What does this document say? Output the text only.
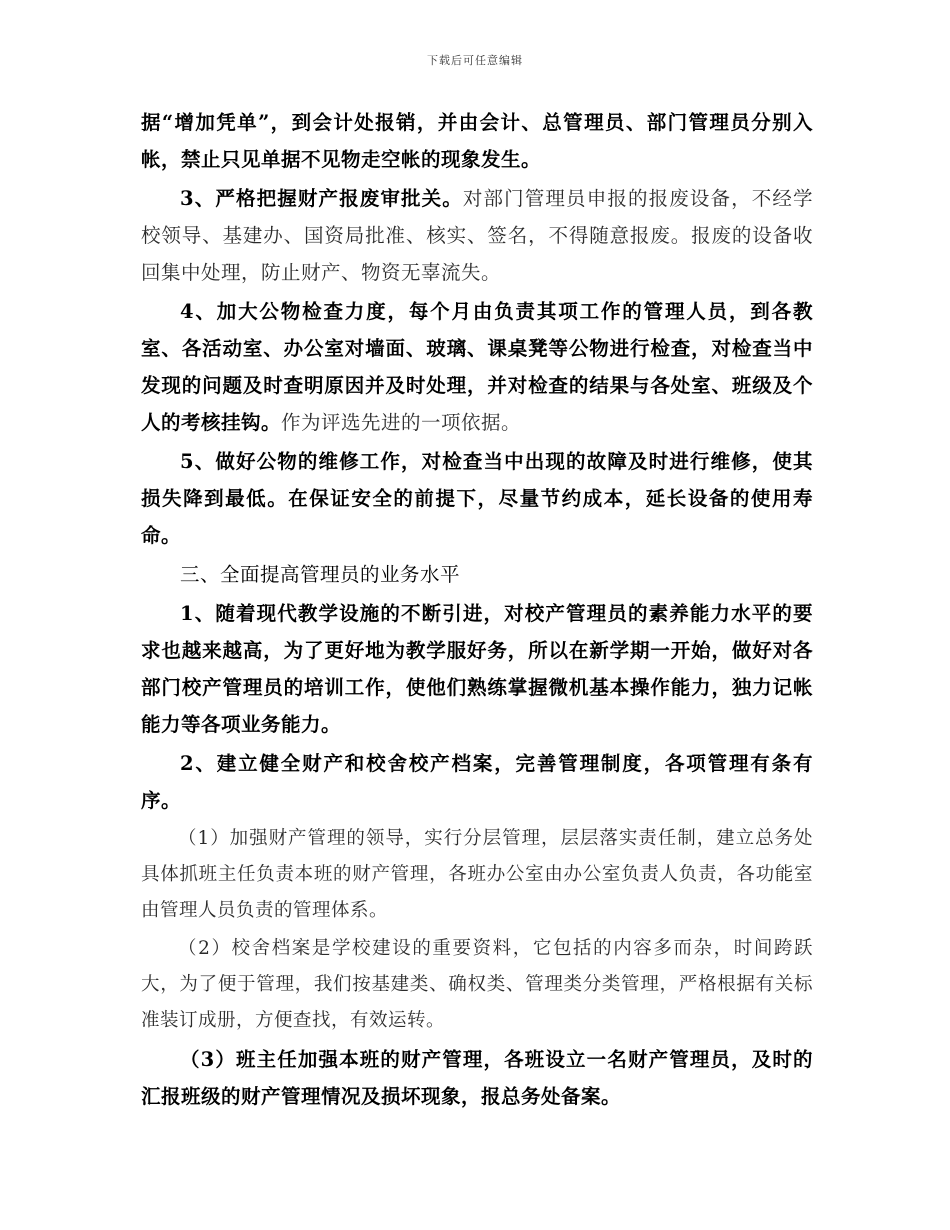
下载后可任意编辑

据“增加凭单”，到会计处报销，并由会计、总管理员、部门管理员分别入帐，禁止只见单据不见物走空帐的现象发生。

3、严格把握财产报废审批关。对部门管理员申报的报废设备，不经学校领导、基建办、国资局批准、核实、签名，不得随意报废。报废的设备收回集中处理，防止财产、物资无辜流失。

4、加大公物检查力度，每个月由负责其项工作的管理人员，到各教室、各活动室、办公室对墙面、玻璃、课桌凳等公物进行检查，对检查当中发现的问题及时查明原因并及时处理，并对检查的结果与各处室、班级及个人的考核挂钩。作为评选先进的一项依据。

5、做好公物的维修工作，对检查当中出现的故障及时进行维修，使其损失降到最低。在保证安全的前提下，尽量节约成本，延长设备的使用寿命。

三、全面提高管理员的业务水平

1、随着现代教学设施的不断引进，对校产管理员的素养能力水平的要求也越来越高，为了更好地为教学服好务，所以在新学期一开始，做好对各部门校产管理员的培训工作，使他们熟练掌握微机基本操作能力，独力记帐能力等各项业务能力。

2、建立健全财产和校舍校产档案，完善管理制度，各项管理有条有序。

（1）加强财产管理的领导，实行分层管理，层层落实责任制，建立总务处具体抓班主任负责本班的财产管理，各班办公室由办公室负责人负责，各功能室由管理人员负责的管理体系。

（2）校舍档案是学校建设的重要资料，它包括的内容多而杂，时间跨跃大，为了便于管理，我们按基建类、确权类、管理类分类管理，严格根据有关标准装订成册，方便查找，有效运转。

（3）班主任加强本班的财产管理，各班设立一名财产管理员，及时的汇报班级的财产管理情况及损坏现象，报总务处备案。
